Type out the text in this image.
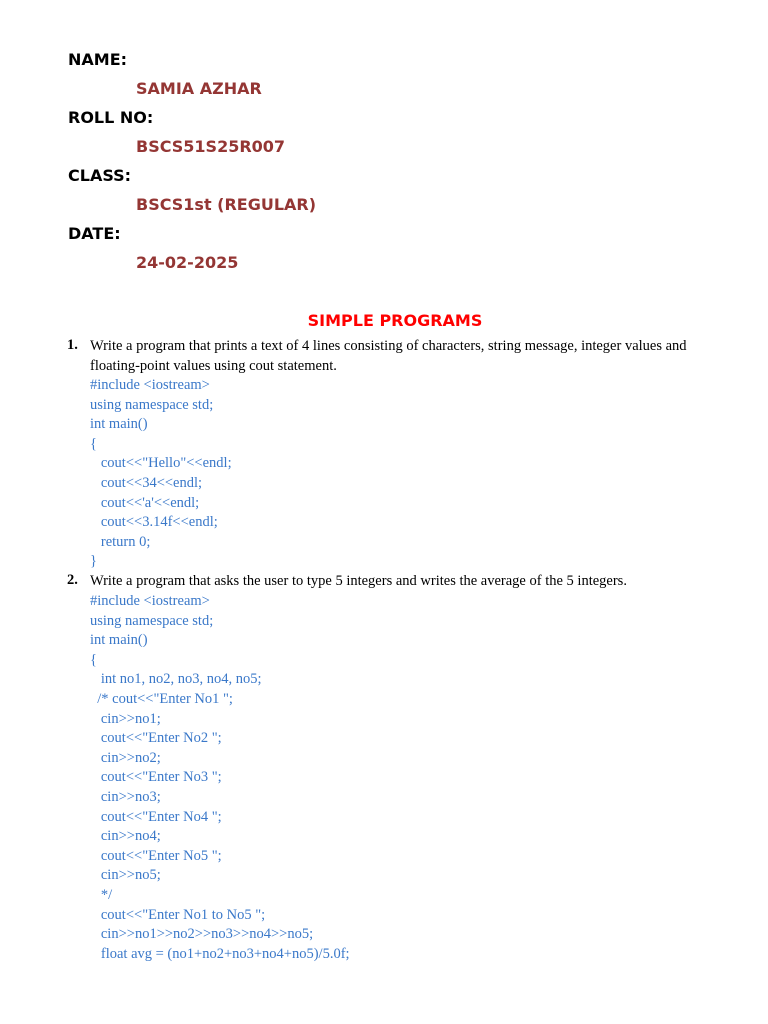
NAME:
SAMIA AZHAR
ROLL NO:
BSCS51S25R007
CLASS:
BSCS1st (REGULAR)
DATE:
24-02-2025
SIMPLE PROGRAMS
1. Write a program that prints a text of 4 lines consisting of characters, string message, integer values and floating-point values using cout statement.
#include <iostream>
using namespace std;
int main()
{
cout<<"Hello"<<endl;
cout<<34<<endl;
cout<<'a'<<endl;
cout<<3.14f<<endl;
return 0;
}
2. Write a program that asks the user to type 5 integers and writes the average of the 5 integers.
#include <iostream>
using namespace std;
int main()
{
int no1, no2, no3, no4, no5;
/* cout<<"Enter No1 ";
cin>>no1;
cout<<"Enter No2 ";
cin>>no2;
cout<<"Enter No3 ";
cin>>no3;
cout<<"Enter No4 ";
cin>>no4;
cout<<"Enter No5 ";
cin>>no5;
*/
cout<<"Enter No1 to No5 ";
cin>>no1>>no2>>no3>>no4>>no5;
float avg = (no1+no2+no3+no4+no5)/5.0f;
